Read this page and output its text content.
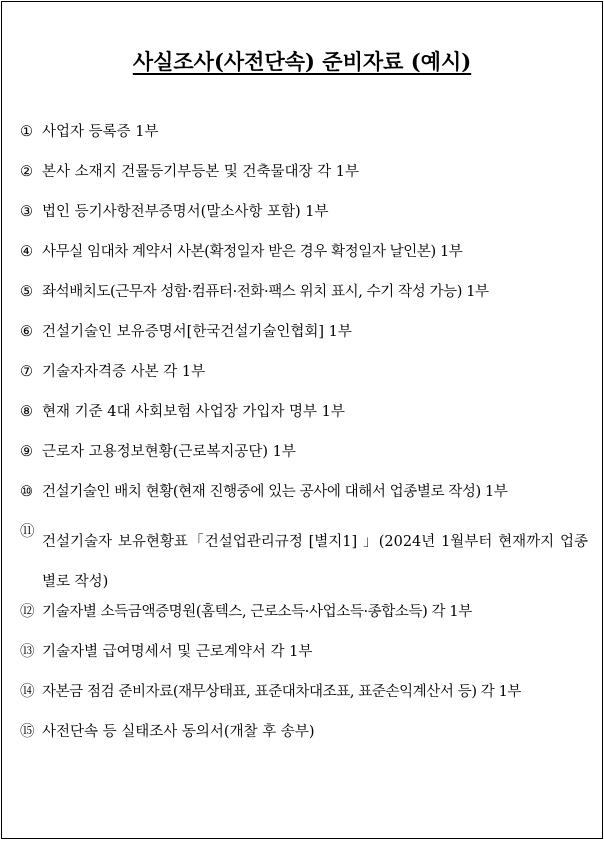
사실조사(사전단속) 준비자료 (예시)
① 사업자 등록증 1부
② 본사 소재지 건물등기부등본 및 건축물대장 각 1부
③ 법인 등기사항전부증명서(말소사항 포함) 1부
④ 사무실 임대차 계약서 사본(확정일자 받은 경우 확정일자 날인본) 1부
⑤ 좌석배치도(근무자 성함·컴퓨터·전화·팩스 위치 표시, 수기 작성 가능) 1부
⑥ 건설기술인 보유증명서[한국건설기술인협회] 1부
⑦ 기술자자격증 사본 각 1부
⑧ 현재 기준 4대 사회보험 사업장 가입자 명부 1부
⑨ 근로자 고용정보현황(근로복지공단) 1부
⑩ 건설기술인 배치 현황(현재 진행중에 있는 공사에 대해서 업종별로 작성) 1부
⑪
건설기술자 보유현황표「건설업관리규정 [별지1] 」(2024년 1월부터 현재까지 업종별로 작성)
⑫ 기술자별 소득금액증명원(홈텍스, 근로소득·사업소득·종합소득) 각 1부
⑬ 기술자별 급여명세서 및 근로계약서 각 1부
⑭ 자본금 점검 준비자료(재무상태표, 표준대차대조표, 표준손익계산서 등) 각 1부
⑮ 사전단속 등 실태조사 동의서(개찰 후 송부)
